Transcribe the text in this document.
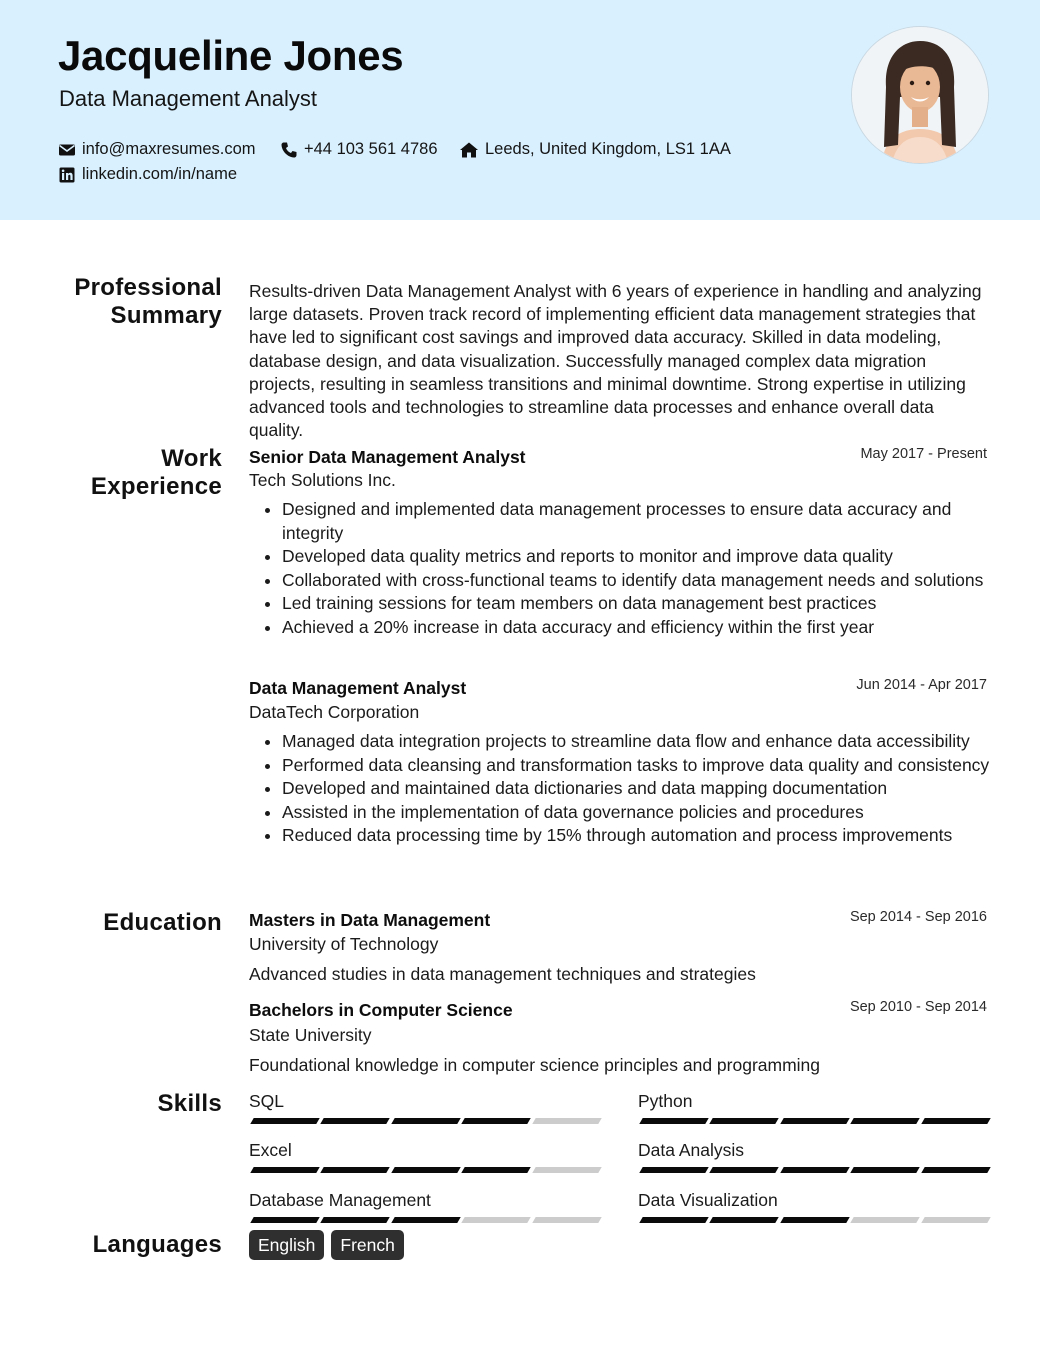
Jacqueline Jones
Data Management Analyst
info@maxresumes.com	+44 103 561 4786	Leeds, United Kingdom, LS1 1AA
linkedin.com/in/name
Professional
Summary

Results-driven Data Management Analyst with 6 years of experience in handling and analyzing large datasets. Proven track record of implementing efficient data management strategies that have led to significant cost savings and improved data accuracy. Skilled in data modeling, database design, and data visualization. Successfully managed complex data migration projects, resulting in seamless transitions and minimal downtime. Strong expertise in utilizing advanced tools and technologies to streamline data processes and enhance overall data quality.

Work
Experience
Senior Data Management Analyst	May 2017 - Present
Tech Solutions Inc.
• Designed and implemented data management processes to ensure data accuracy and integrity
• Developed data quality metrics and reports to monitor and improve data quality
• Collaborated with cross-functional teams to identify data management needs and solutions
• Led training sessions for team members on data management best practices
• Achieved a 20% increase in data accuracy and efficiency within the first year
Data Management Analyst	Jun 2014 - Apr 2017
DataTech Corporation
• Managed data integration projects to streamline data flow and enhance data accessibility
• Performed data cleansing and transformation tasks to improve data quality and consistency
• Developed and maintained data dictionaries and data mapping documentation
• Assisted in the implementation of data governance policies and procedures
• Reduced data processing time by 15% through automation and process improvements
Education Masters in Data Management	Sep 2014 - Sep 2016
University of Technology
Advanced studies in data management techniques and strategies
Bachelors in Computer Science	Sep 2010 - Sep 2014
State University
Foundational knowledge in computer science principles and programming
Skills SQL	Python
Excel	Data Analysis
Database Management	Data Visualization
Languages	English	French
